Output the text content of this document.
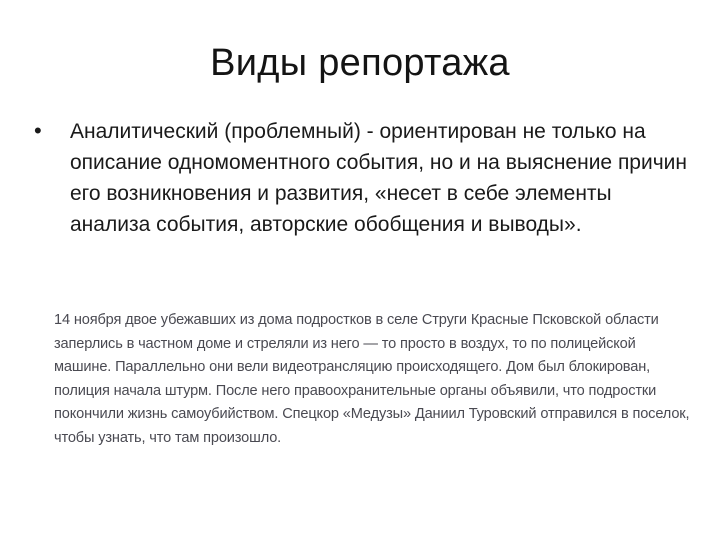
Виды репортажа
• Аналитический (проблемный) - ориентирован не только на описание одномоментного события, но и на выяснение причин его возникновения и развития, «несет в себе элементы анализа события, авторские обобщения и выводы».
14 ноября двое убежавших из дома подростков в селе Струги Красные Псковской области заперлись в частном доме и стреляли из него — то просто в воздух, то по полицейской машине. Параллельно они вели видеотрансляцию происходящего. Дом был блокирован, полиция начала штурм. После него правоохранительные органы объявили, что подростки покончили жизнь самоубийством. Спецкор «Медузы» Даниил Туровский отправился в поселок, чтобы узнать, что там произошло.
